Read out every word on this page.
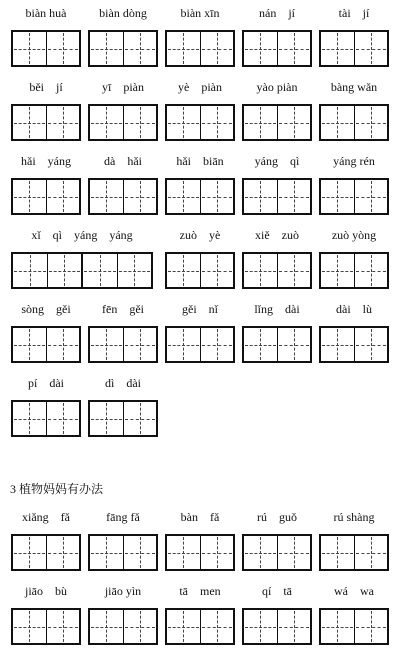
3 植物妈妈有办法
biàn huà	biàn dòng	biàn xīn	nán　jí	tài　jí
běi　jí	yī　piàn	yè　piàn	yào piàn	bàng wǎn
hǎi　yáng	dà　hǎi	hǎi　biān	yáng　qì	yáng rén
xǐ　qì　yáng　yáng	zuò　yè	xiě　zuò	zuò yòng
sòng　gěi	fēn　gěi	gěi　nǐ	lǐng　dài	dài　lù
pí　dài	dì　dài
xiǎng　fǎ	fāng fǎ	bàn　fǎ	rú　guǒ	rú shàng
jiāo　bù	jiāo yìn	tā　men	qí　tā	wá　wa
